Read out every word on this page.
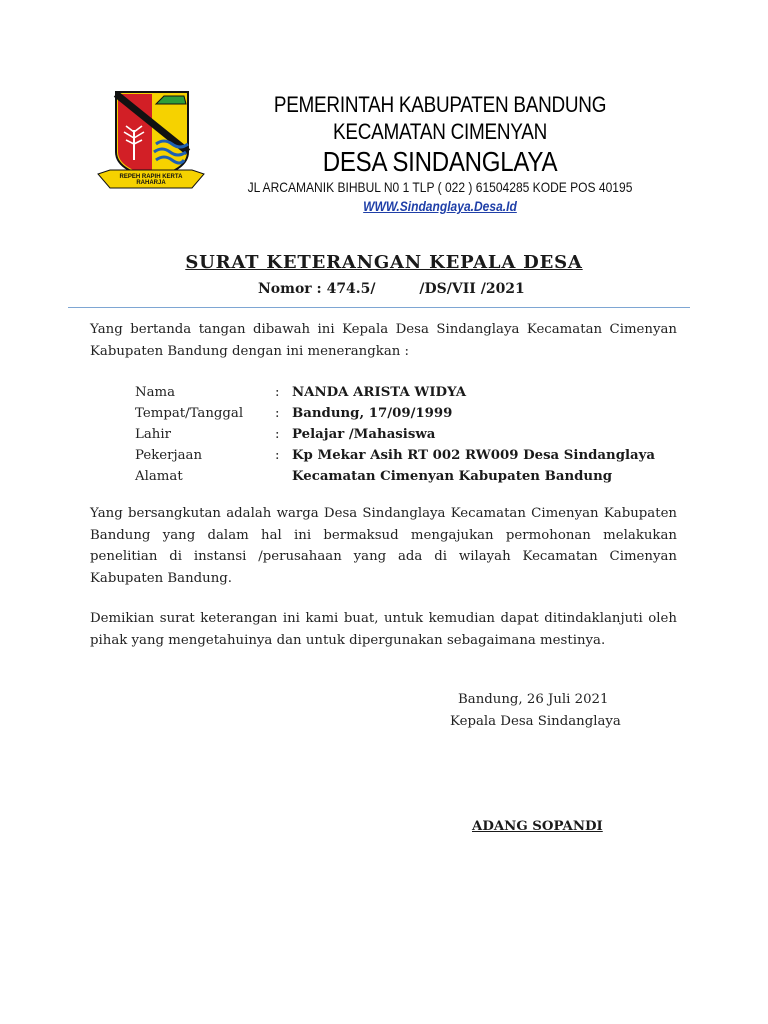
REPEH RAPIH KERTA RAHARJA
PEMERINTAH KABUPATEN BANDUNG
KECAMATAN CIMENYAN
DESA SINDANGLAYA
JL ARCAMANIK BIHBUL N0 1 TLP ( 022 ) 61504285 KODE POS 40195
WWW.Sindanglaya.Desa.Id
SURAT KETERANGAN KEPALA DESA
Nomor : 474.5/         /DS/VII /2021
Yang bertanda tangan dibawah ini Kepala Desa Sindanglaya Kecamatan Cimenyan Kabupaten Bandung dengan ini menerangkan :
Nama	: NANDA ARISTA WIDYA
Tempat/Tanggal	: Bandung, 17/09/1999
Lahir	: Pelajar /Mahasiswa
Pekerjaan	: Kp Mekar Asih RT 002 RW009 Desa Sindanglaya
Alamat	Kecamatan Cimenyan Kabupaten Bandung
Yang bersangkutan adalah warga Desa Sindanglaya Kecamatan Cimenyan Kabupaten Bandung yang dalam hal ini bermaksud mengajukan permohonan melakukan penelitian di instansi /perusahaan yang ada di wilayah Kecamatan Cimenyan Kabupaten Bandung.
Demikian surat keterangan ini kami buat, untuk kemudian dapat ditindaklanjuti oleh pihak yang mengetahuinya dan untuk dipergunakan sebagaimana mestinya.
Bandung, 26 Juli 2021
Kepala Desa Sindanglaya
ADANG SOPANDI
